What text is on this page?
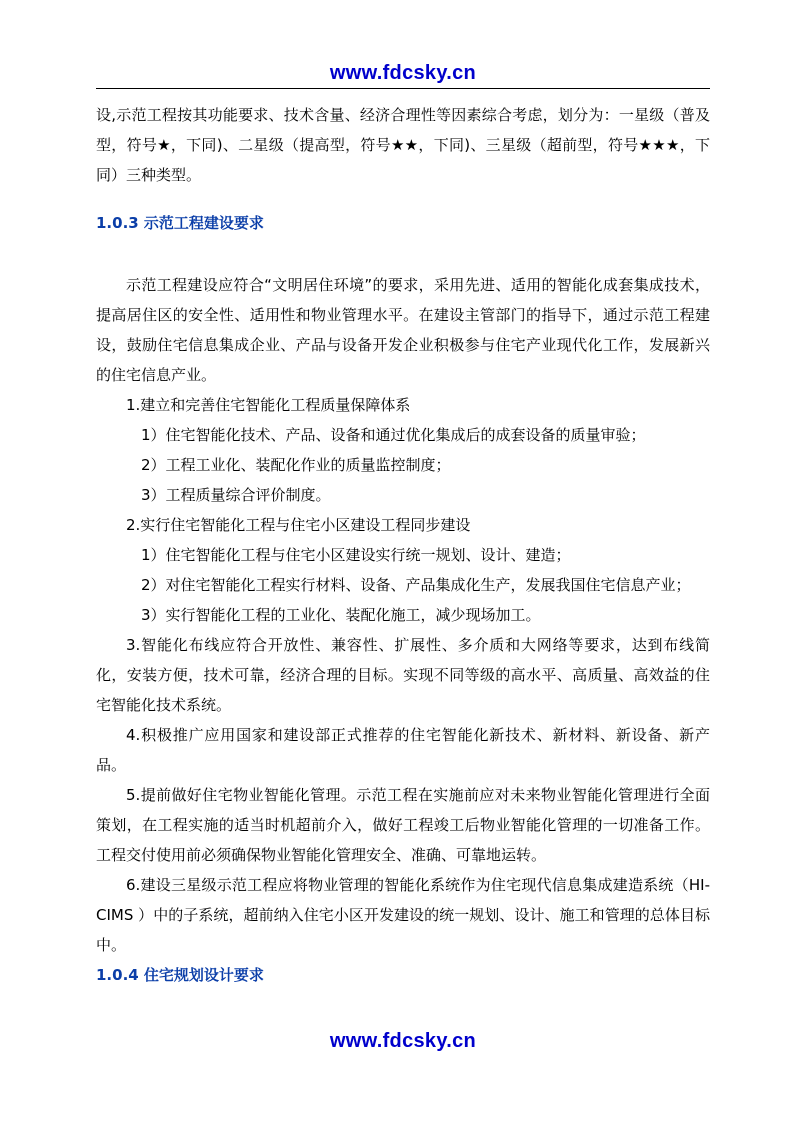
www.fdcsky.cn

设,示范工程按其功能要求、技术含量、经济合理性等因素综合考虑，划分为：一星级（普及型，符号★，下同)、二星级（提高型，符号★★，下同)、三星级（超前型，符号★★★，下同）三种类型。

1.0.3 示范工程建设要求

示范工程建设应符合“文明居住环境”的要求，采用先进、适用的智能化成套集成技术，提高居住区的安全性、适用性和物业管理水平。在建设主管部门的指导下，通过示范工程建设，鼓励住宅信息集成企业、产品与设备开发企业积极参与住宅产业现代化工作，发展新兴的住宅信息产业。

1.建立和完善住宅智能化工程质量保障体系

1）住宅智能化技术、产品、设备和通过优化集成后的成套设备的质量审验；

2）工程工业化、装配化作业的质量监控制度；

3）工程质量综合评价制度。

2.实行住宅智能化工程与住宅小区建设工程同步建设

1）住宅智能化工程与住宅小区建设实行统一规划、设计、建造；

2）对住宅智能化工程实行材料、设备、产品集成化生产，发展我国住宅信息产业；

3）实行智能化工程的工业化、装配化施工，减少现场加工。

3.智能化布线应符合开放性、兼容性、扩展性、多介质和大网络等要求，达到布线简化，安装方便，技术可靠，经济合理的目标。实现不同等级的高水平、高质量、高效益的住宅智能化技术系统。

4.积极推广应用国家和建设部正式推荐的住宅智能化新技术、新材料、新设备、新产品。

5.提前做好住宅物业智能化管理。示范工程在实施前应对未来物业智能化管理进行全面策划，在工程实施的适当时机超前介入，做好工程竣工后物业智能化管理的一切准备工作。工程交付使用前必须确保物业智能化管理安全、准确、可靠地运转。

6.建设三星级示范工程应将物业管理的智能化系统作为住宅现代信息集成建造系统（HI-CIMS ）中的子系统，超前纳入住宅小区开发建设的统一规划、设计、施工和管理的总体目标中。

1.0.4 住宅规划设计要求

www.fdcsky.cn
